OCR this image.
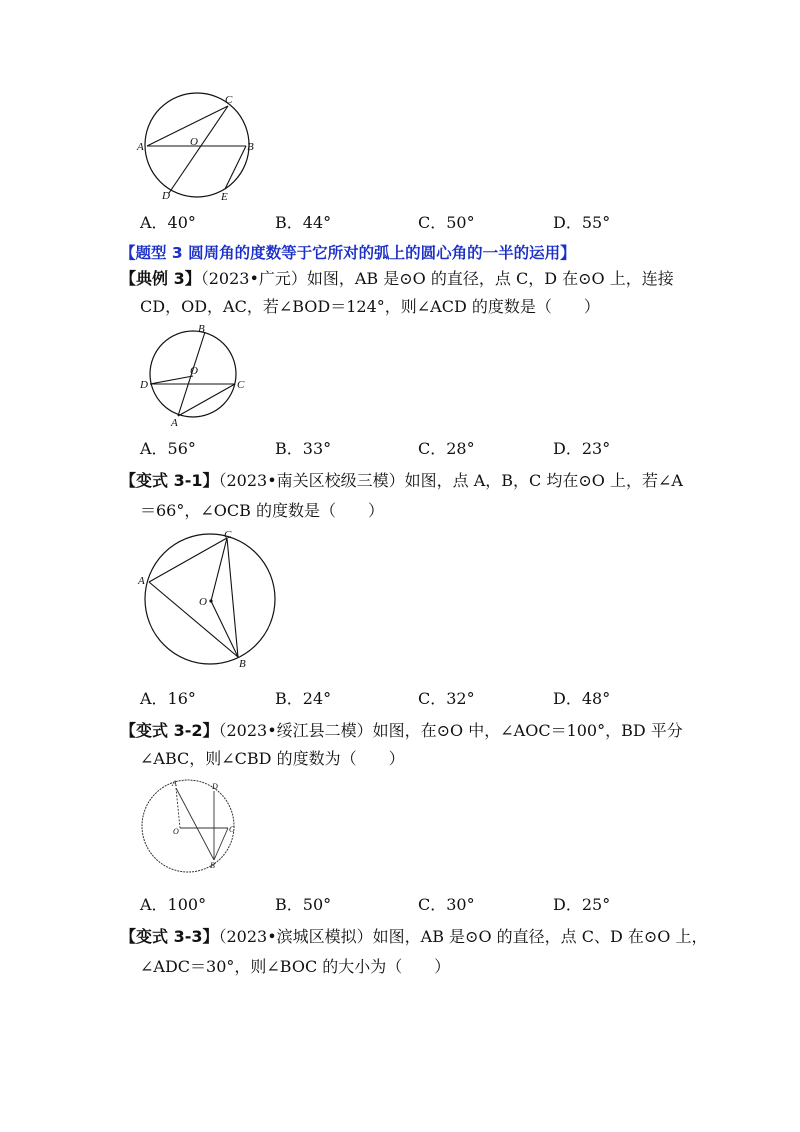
C
A	B
O
D	E
A．40°	B．44°	C．50°	D．55°
【题型 3 圆周角的度数等于它所对的弧上的圆心角的一半的运用】
【典例 3】（2023•广元）如图，AB 是⊙O 的直径，点 C，D 在⊙O 上，连接
CD，OD，AC，若∠BOD＝124°，则∠ACD 的度数是（　　）
B
O
D	C
A
A．56°	B．33°	C．28°	D．23°
【变式 3-1】（2023•南关区校级三模）如图，点 A，B，C 均在⊙O 上，若∠A
＝66°，∠OCB 的度数是（　　）
C
A
O
B
A．16°	B．24°	C．32°	D．48°
【变式 3-2】（2023•绥江县二模）如图，在⊙O 中，∠AOC＝100°，BD 平分
∠ABC，则∠CBD 的度数为（　　）
A	D
O	C
B
A．100°	B．50°	C．30°	D．25°
【变式 3-3】（2023•滨城区模拟）如图，AB 是⊙O 的直径，点 C、D 在⊙O 上，
∠ADC＝30°，则∠BOC 的大小为（　　）
